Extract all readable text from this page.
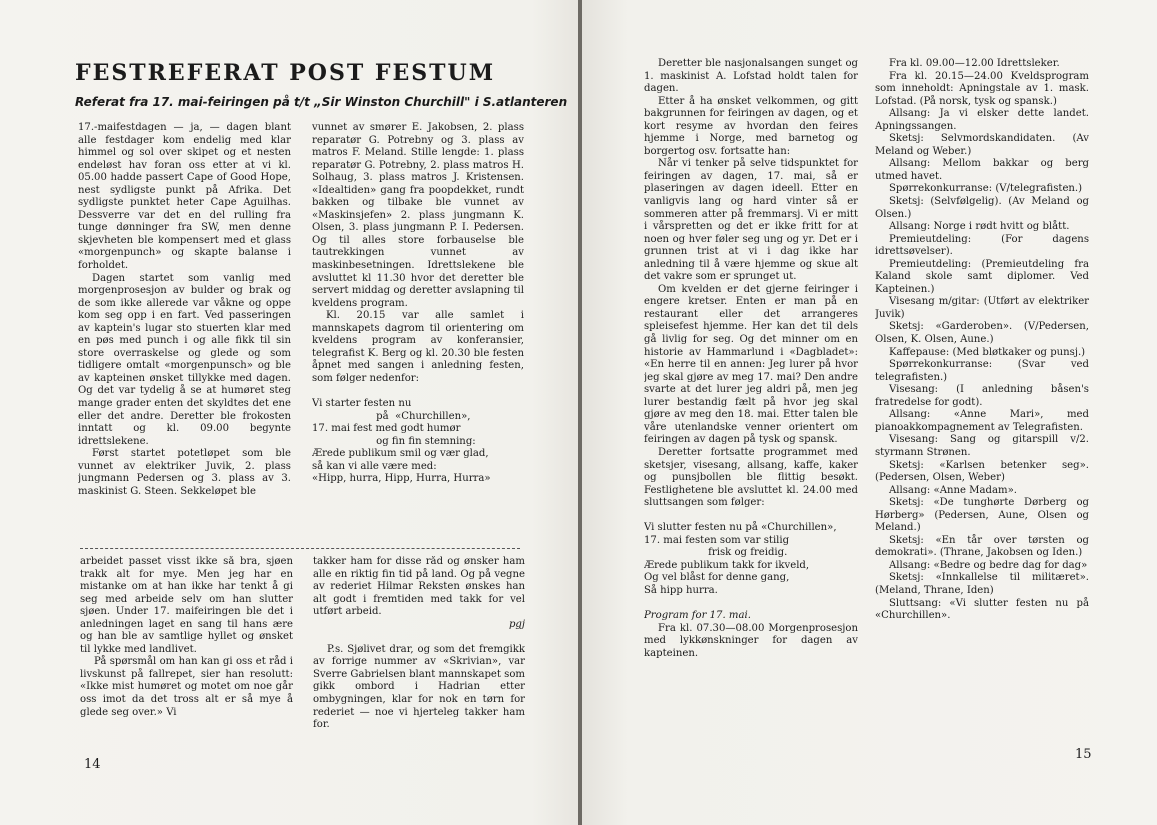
FESTREFERAT POST FESTUM
Referat fra 17. mai-feiringen på t/t „Sir Winston Churchill" i S.atlanteren

17.-maifestdagen — ja, — dagen blant alle festdager kom endelig med klar himmel og sol over skipet og et nesten endeløst hav foran oss etter at vi kl. 05.00 hadde passert Cape of Good Hope, nest sydligste punkt på Afrika. Det sydligste punktet heter Cape Aguilhas. Dessverre var det en del rulling fra tunge dønninger fra SW, men denne skjevheten ble kompensert med et glass «morgenpunch» og skapte balanse i forholdet.

Dagen startet som vanlig med morgenprosesjon av bulder og brak og de som ikke allerede var våkne og oppe kom seg opp i en fart. Ved passeringen av kaptein's lugar sto stuerten klar med en pøs med punch i og alle fikk til sin store overraskelse og glede og som tidligere omtalt «morgenpunsch» og ble av kapteinen ønsket tillykke med dagen. Og det var tydelig å se at humøret steg mange grader enten det skyldtes det ene eller det andre. Deretter ble frokosten inntatt og kl. 09.00 begynte idrettslekene.

Først startet potetløpet som ble vunnet av elektriker Juvik, 2. plass jungmann Pedersen og 3. plass av 3. maskinist G. Steen. Sekkeløpet ble

vunnet av smører E. Jakobsen, 2. plass reparatør G. Potrebny og 3. plass av matros F. Meland. Stille lengde: 1. plass reparatør G. Potrebny, 2. plass matros H. Solhaug, 3. plass matros J. Kristensen. «Idealtiden» gang fra poopdekket, rundt bakken og tilbake ble vunnet av «Maskinsjefen» 2. plass jungmann K. Olsen, 3. plass jungmann P. I. Pedersen. Og til alles store forbauselse ble tautrekkingen vunnet av maskinbesetningen. Idrettslekene ble avsluttet kl 11.30 hvor det deretter ble servert middag og deretter avslapning til kveldens program.

Kl. 20.15 var alle samlet i mannskapets dagrom til orientering om kveldens program av konferansier, telegrafist K. Berg og kl. 20.30 ble festen åpnet med sangen i anledning festen, som følger nedenfor:

Vi starter festen nu
på  «Churchillen»,
17. mai fest med godt humør
og fin fin stemning:
Ærede publikum smil og vær glad,
så kan vi alle være med:
«Hipp, hurra, Hipp, Hurra, Hurra»

arbeidet passet visst ikke så bra, sjøen trakk alt for mye. Men jeg har en mistanke om at han ikke har tenkt å gi seg med arbeide selv om han slutter sjøen. Under 17. maifeiringen ble det i anledningen laget en sang til hans ære og han ble av samtlige hyllet og ønsket til lykke med landlivet.

På spørsmål om han kan gi oss et råd i livskunst på fallrepet, sier han resolutt: «Ikke mist humøret og motet om noe går oss imot da det tross alt er så mye å glede seg over.» Vi

takker ham for disse råd og ønsker ham alle en riktig fin tid på land. Og på vegne av rederiet Hilmar Reksten ønskes han alt godt i fremtiden med takk for vel utført arbeid.

pgj

P.s. Sjølivet drar, og som det fremgikk av forrige nummer av «Skrivian», var Sverre Gabrielsen blant mannskapet som gikk ombord i Hadrian etter ombygningen, klar for nok en tørn for rederiet — noe vi hjerteleg takker ham for.

14

Deretter ble nasjonalsangen sunget og 1. maskinist A. Lofstad holdt talen for dagen.

Etter å ha ønsket velkommen, og gitt bakgrunnen for feiringen av dagen, og et kort resyme av hvordan den feires hjemme i Norge, med barnetog og borgertog osv. fortsatte han:

Når vi tenker på selve tidspunktet for feiringen av dagen, 17. mai, så er plaseringen av dagen ideell. Etter en vanligvis lang og hard vinter så er sommeren atter på fremmarsj. Vi er mitt i vårspretten og det er ikke fritt for at noen og hver føler seg ung og yr. Det er i grunnen trist at vi i dag ikke har anledning til å være hjemme og skue alt det vakre som er sprunget ut.

Om kvelden er det gjerne feiringer i engere kretser. Enten er man på en restaurant eller det arrangeres spleisefest hjemme. Her kan det til dels gå livlig for seg. Og det minner om en historie av Hammarlund i «Dagbladet»: «En herre til en annen: Jeg lurer på hvor jeg skal gjøre av meg 17. mai? Den andre svarte at det lurer jeg aldri på, men jeg lurer bestandig fælt på hvor jeg skal gjøre av meg den 18. mai. Etter talen ble våre utenlandske venner orientert om feiringen av dagen på tysk og spansk.

Deretter fortsatte programmet med sketsjer, visesang, allsang, kaffe, kaker og punsjbollen ble flittig besøkt. Festlighetene ble avsluttet kl. 24.00 med sluttsangen som følger:

Vi slutter festen nu på «Churchillen»,
17. mai festen som var stilig
frisk og freidig.
Ærede publikum takk for ikveld,
Og vel blåst for denne gang,
Så hipp hurra.
Program for 17. mai.

Fra kl. 07.30—08.00 Morgenprosesjon med lykkønskninger for dagen av kapteinen.

Fra kl. 09.00—12.00 Idrettsleker.

Fra kl. 20.15—24.00 Kveldsprogram som inneholdt: Apningstale av 1. mask. Lofstad. (På norsk, tysk og spansk.)

Allsang: Ja vi elsker dette landet. Apningssangen.

Sketsj: Selvmordskandidaten. (Av Meland og Weber.)

Allsang: Mellom bakkar og berg utmed havet.

Spørrekonkurranse: (V/telegrafisten.)

Sketsj: (Selvfølgelig). (Av Meland og Olsen.)

Allsang: Norge i rødt hvitt og blått.

Premieutdeling: (For dagens idrettsøvelser).

Premieutdeling: (Premieutdeling fra Kaland skole samt diplomer. Ved Kapteinen.)

Visesang m/gitar: (Utført av elektriker Juvik)

Sketsj: «Garderoben». (V/Pedersen, Olsen, K. Olsen, Aune.)

Kaffepause: (Med bløtkaker og punsj.)

Spørrekonkurranse: (Svar ved telegrafisten.)

Visesang: (I anledning båsen's fratredelse for godt).

Allsang: «Anne Mari», med pianoakkompagnement av Telegrafisten.

Visesang: Sang og gitarspill v/2. styrmann Strønen.

Sketsj: «Karlsen betenker seg». (Pedersen, Olsen, Weber)

Allsang: «Anne Madam».

Sketsj: «De tunghørte Dørberg og Hørberg» (Pedersen, Aune, Olsen og Meland.)

Sketsj: «En tår over tørsten og demokrati». (Thrane, Jakobsen og Iden.)

Allsang: «Bedre og bedre dag for dag»

Sketsj: «Innkallelse til militæret». (Meland, Thrane, Iden)

Sluttsang: «Vi slutter festen nu på «Churchillen».

15
